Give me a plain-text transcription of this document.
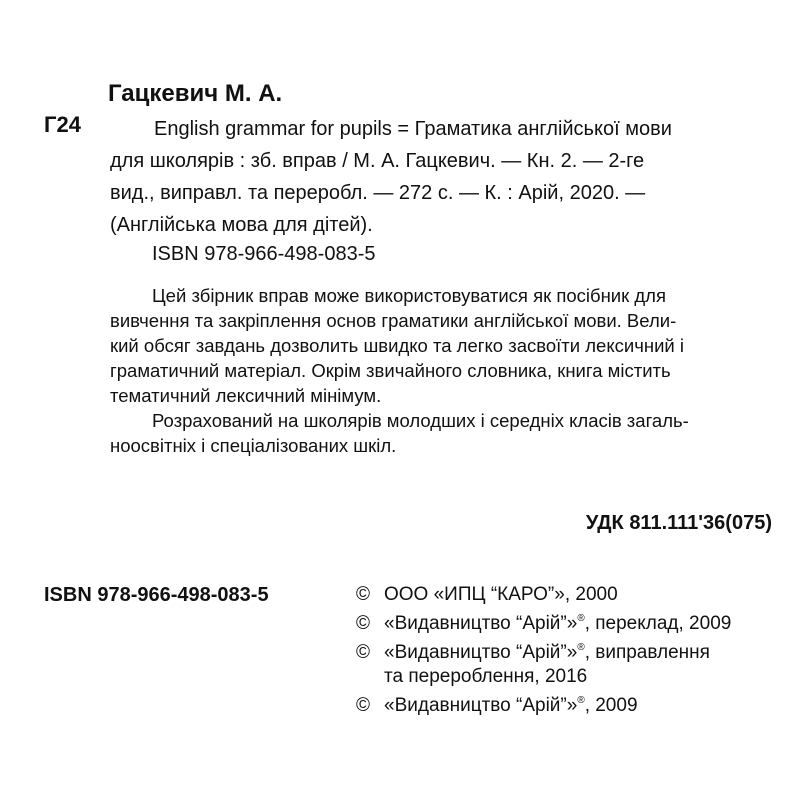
Гацкевич М. А.
Г24	English grammar for pupils = Граматика англійської мови
для школярів : зб. вправ / М. А. Гацкевич. — Кн. 2. — 2-ге
вид., виправл. та переробл. — 272 с. — К. : Арій, 2020. —
(Англійська мова для дітей).
ISBN 978-966-498-083-5
Цей збірник вправ може використовуватися як посібник для
вивчення та закріплення основ граматики англійської мови. Вели-
кий обсяг завдань дозволить швидко та легко засвоїти лексичний і
граматичний матеріал. Окрім звичайного словника, книга містить
тематичний лексичний мінімум.
Розрахований на школярів молодших і середніх класів загаль-
ноосвітніх і спеціалізованих шкіл.
УДК 811.111'36(075)
ISBN 978-966-498-083-5	© ООО «ИПЦ “КАРО”», 2000
© «Видавництво “Арій”»®, переклад, 2009
© «Видавництво “Арій”»®, виправлення
та перероблення, 2016
© «Видавництво “Арій”»®, 2009
